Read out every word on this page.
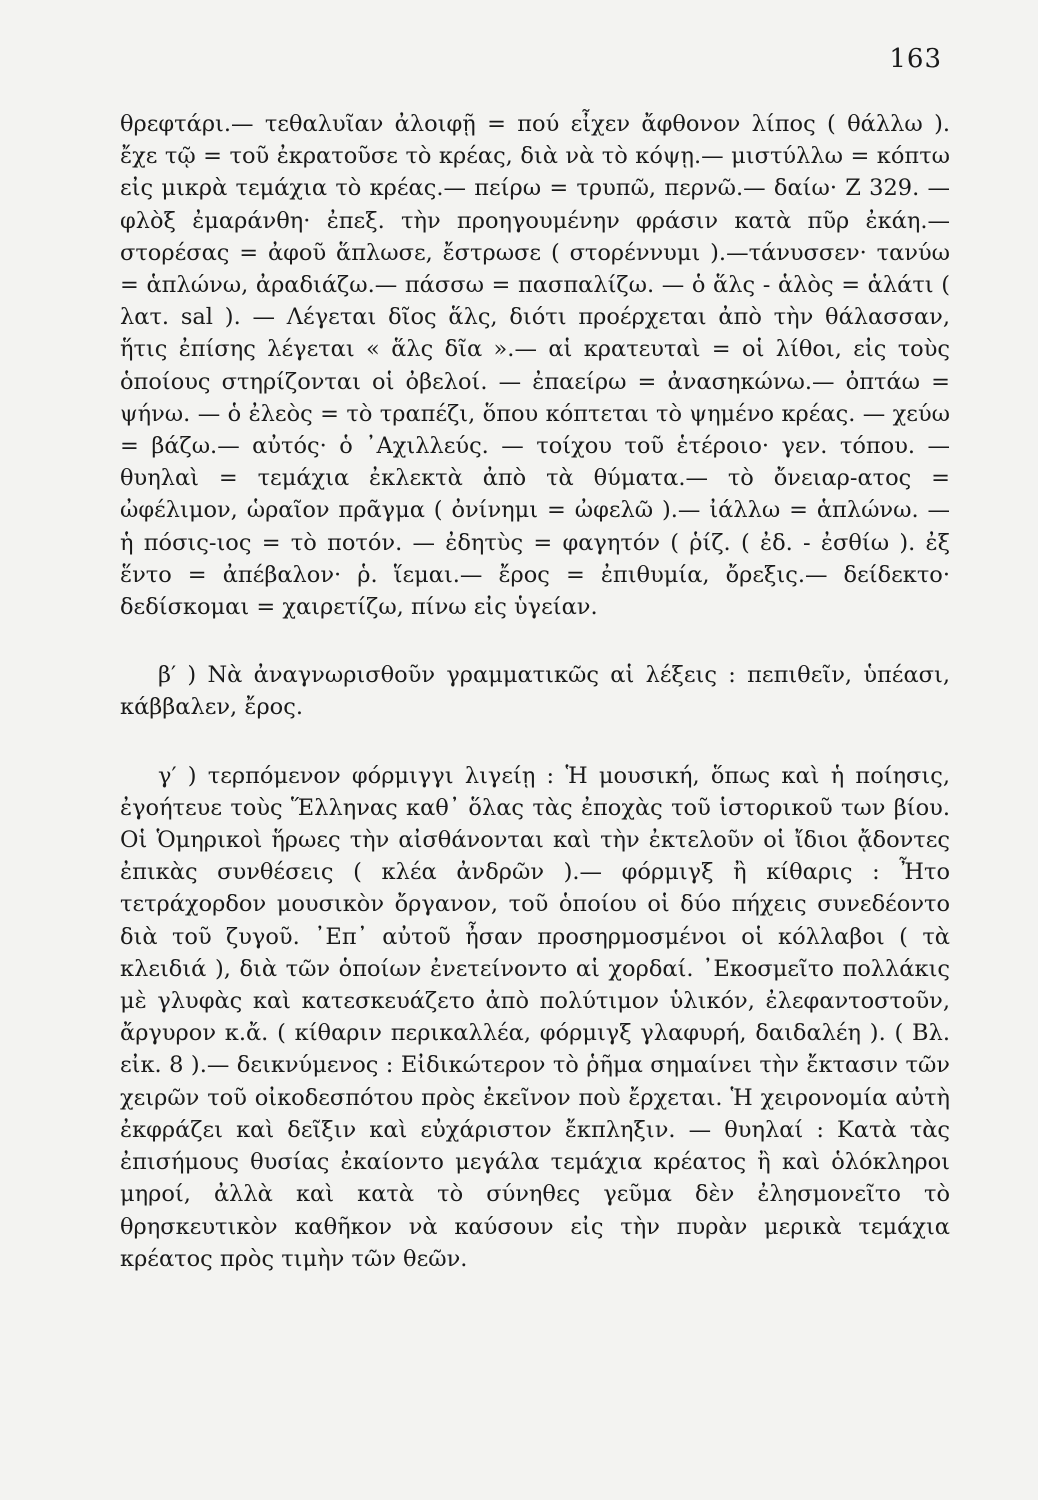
163

θρεφτάρι.— τεθαλυῖαν ἀλοιφῇ = πού εἶχεν ἄφθονον λίπος ( θάλλω ). ἔχε τῷ = τοῦ ἐκρατοῦσε τὸ κρέας, διὰ νὰ τὸ κόψῃ.— μιστύλλω = κόπτω εἰς μικρὰ τεμάχια τὸ κρέας.— πείρω = τρυπῶ, περνῶ.— δαίω· Ζ 329. — φλὸξ ἐμαράνθη· ἐπεξ. τὴν προηγουμένην φράσιν κατὰ πῦρ ἐκάη.—στορέσας = ἀφοῦ ἅπλωσε, ἔστρωσε ( στορέννυμι ).—τάνυσσεν· τανύω = ἁπλώνω, ἀραδιάζω.— πάσσω = πασπαλίζω. — ὁ ἅλς - ἁλὸς = ἁλάτι ( λατ. sal ). — Λέγεται δῖος ἅλς, διότι προέρχεται ἀπὸ τὴν θάλασσαν, ἥτις ἐπίσης λέγεται « ἅλς δῖα ».— αἱ κρατευταὶ = οἱ λίθοι, εἰς τοὺς ὁποίους στηρίζονται οἱ ὀβελοί. — ἐπαείρω = ἀνασηκώνω.— ὀπτάω = ψήνω. — ὁ ἐλεὸς = τὸ τραπέζι, ὅπου κόπτεται τὸ ψημένο κρέας. — χεύω = βάζω.— αὐτός· ὁ ᾿Αχιλλεύς. — τοίχου τοῦ ἑτέροιο· γεν. τόπου. — θυηλαὶ = τεμάχια ἐκλεκτὰ ἀπὸ τὰ θύματα.— τὸ ὄνειαρ-ατος = ὠφέλιμον, ὡραῖον πρᾶγμα ( ὀνίνημι = ὠφελῶ ).— ἰάλλω = ἁπλώνω. — ἡ πόσις-ιος = τὸ ποτόν. — ἐδητὺς = φαγητόν ( ῥίζ. ( ἐδ. - ἐσθίω ). ἐξ ἕντο = ἀπέβαλον· ῥ. ἵεμαι.— ἔρος = ἐπιθυμία, ὄρεξις.— δείδεκτο· δεδίσκομαι = χαιρετίζω, πίνω εἰς ὑγείαν.

β′ ) Νὰ ἀναγνωρισθοῦν γραμματικῶς αἱ λέξεις : πεπιθεῖν, ὑπέασι, κάββαλεν, ἔρος.

γ′ ) τερπόμενον φόρμιγγι λιγείῃ : Ἡ μουσική, ὅπως καὶ ἡ ποίησις, ἐγοήτευε τοὺς Ἕλληνας καθ᾿ ὅλας τὰς ἐποχὰς τοῦ ἱστορικοῦ των βίου. Οἱ Ὁμηρικοὶ ἥρωες τὴν αἰσθάνονται καὶ τὴν ἐκτελοῦν οἱ ἴδιοι ᾄδοντες ἐπικὰς συνθέσεις ( κλέα ἀνδρῶν ).— φόρμιγξ ἢ κίθαρις : Ἦτο τετράχορδον μουσικὸν ὄργανον, τοῦ ὁποίου οἱ δύο πήχεις συνεδέοντο διὰ τοῦ ζυγοῦ. ᾿Επ᾿ αὐτοῦ ἦσαν προσηρμοσμένοι οἱ κόλλαβοι ( τὰ κλειδιά ), διὰ τῶν ὁποίων ἐνετείνοντο αἱ χορδαί. ᾿Εκοσμεῖτο πολλάκις μὲ γλυφὰς καὶ κατεσκευάζετο ἀπὸ πολύτιμον ὑλικόν, ἐλεφαντοστοῦν, ἄργυρον κ.ἄ. ( κίθαριν περικαλλέα, φόρμιγξ γλαφυρή, δαιδαλέη ). ( Βλ. εἰκ. 8 ).— δεικνύμενος : Εἰδικώτερον τὸ ῥῆμα σημαίνει τὴν ἔκτασιν τῶν χειρῶν τοῦ οἰκοδεσπότου πρὸς ἐκεῖνον ποὺ ἔρχεται. Ἡ χειρονομία αὐτὴ ἐκφράζει καὶ δεῖξιν καὶ εὐχάριστον ἔκπληξιν. — θυηλαί : Κατὰ τὰς ἐπισήμους θυσίας ἐκαίοντο μεγάλα τεμάχια κρέατος ἢ καὶ ὁλόκληροι μηροί, ἀλλὰ καὶ κατὰ τὸ σύνηθες γεῦμα δὲν ἐλησμονεῖτο τὸ θρησκευτικὸν καθῆκον νὰ καύσουν εἰς τὴν πυρὰν μερικὰ τεμάχια κρέατος πρὸς τιμὴν τῶν θεῶν.
